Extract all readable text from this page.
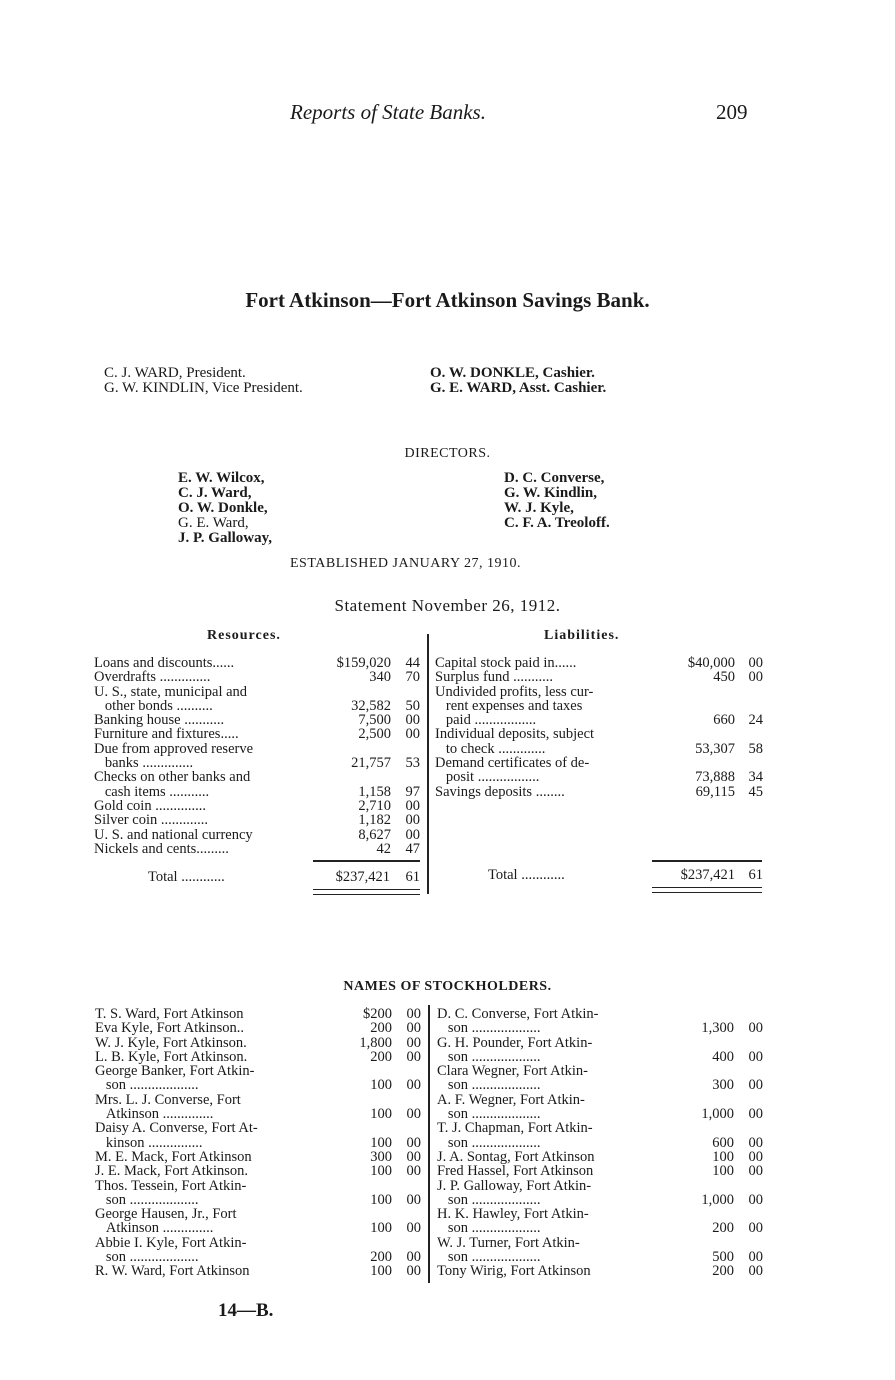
Reports of State Banks.	209
Fort Atkinson—Fort Atkinson Savings Bank.
C. J. WARD, President.
G. W. KINDLIN, Vice President.
O. W. DONKLE, Cashier.
G. E. WARD, Asst. Cashier.
DIRECTORS.
E. W. Wilcox,
C. J. Ward,
O. W. Donkle,
G. E. Ward,
J. P. Galloway,
D. C. Converse,
G. W. Kindlin,
W. J. Kyle,
C. F. A. Treoloff.
ESTABLISHED JANUARY 27, 1910.
Statement November 26, 1912.
Resources.	Liabilities.
Loans and discounts......	$159,020	44
Overdrafts ..............	340	70
U. S., state, municipal and
other bonds ..........	32,582	50
Banking house ...........	7,500	00
Furniture and fixtures.....	2,500	00
Due from approved reserve
banks ..............	21,757	53
Checks on other banks and
cash items ...........	1,158	97
Gold coin ..............	2,710	00
Silver coin .............	1,182	00
U. S. and national currency	8,627	00
Nickels and cents.........	42	47
Total ............	$237,421	61
Capital stock paid in......	$40,000 00
Surplus fund ...........	450 00
Undivided profits, less cur-
rent expenses and taxes
paid .................	660 24
Individual deposits, subject
to check .............	53,307 58
Demand certificates of de-
posit .................	73,888 34
Savings deposits ........	69,115 45
Total ............	$237,421 61
NAMES OF STOCKHOLDERS.
T. S. Ward, Fort Atkinson	$200	00
Eva Kyle, Fort Atkinson..	200	00
W. J. Kyle, Fort Atkinson.	1,800	00
L. B. Kyle, Fort Atkinson.	200	00
George Banker, Fort Atkin-
son ...................	100	00
Mrs. L. J. Converse, Fort
Atkinson ..............	100	00
Daisy A. Converse, Fort At-
kinson ...............	100	00
M. E. Mack, Fort Atkinson	300	00
J. E. Mack, Fort Atkinson.	100	00
Thos. Tessein, Fort Atkin-
son ...................	100	00
George Hausen, Jr., Fort
Atkinson ..............	100	00
Abbie I. Kyle, Fort Atkin-
son ...................	200	00
R. W. Ward, Fort Atkinson	100	00
D. C. Converse, Fort Atkin-
son ...................	1,300	00
G. H. Pounder, Fort Atkin-
son ...................	400	00
Clara Wegner, Fort Atkin-
son ...................	300	00
A. F. Wegner, Fort Atkin-
son ...................	1,000	00
T. J. Chapman, Fort Atkin-
son ...................	600	00
J. A. Sontag, Fort Atkinson	100	00
Fred Hassel, Fort Atkinson	100	00
J. P. Galloway, Fort Atkin-
son ...................	1,000	00
H. K. Hawley, Fort Atkin-
son ...................	200	00
W. J. Turner, Fort Atkin-
son ...................	500	00
Tony Wirig, Fort Atkinson	200	00
14—B.
